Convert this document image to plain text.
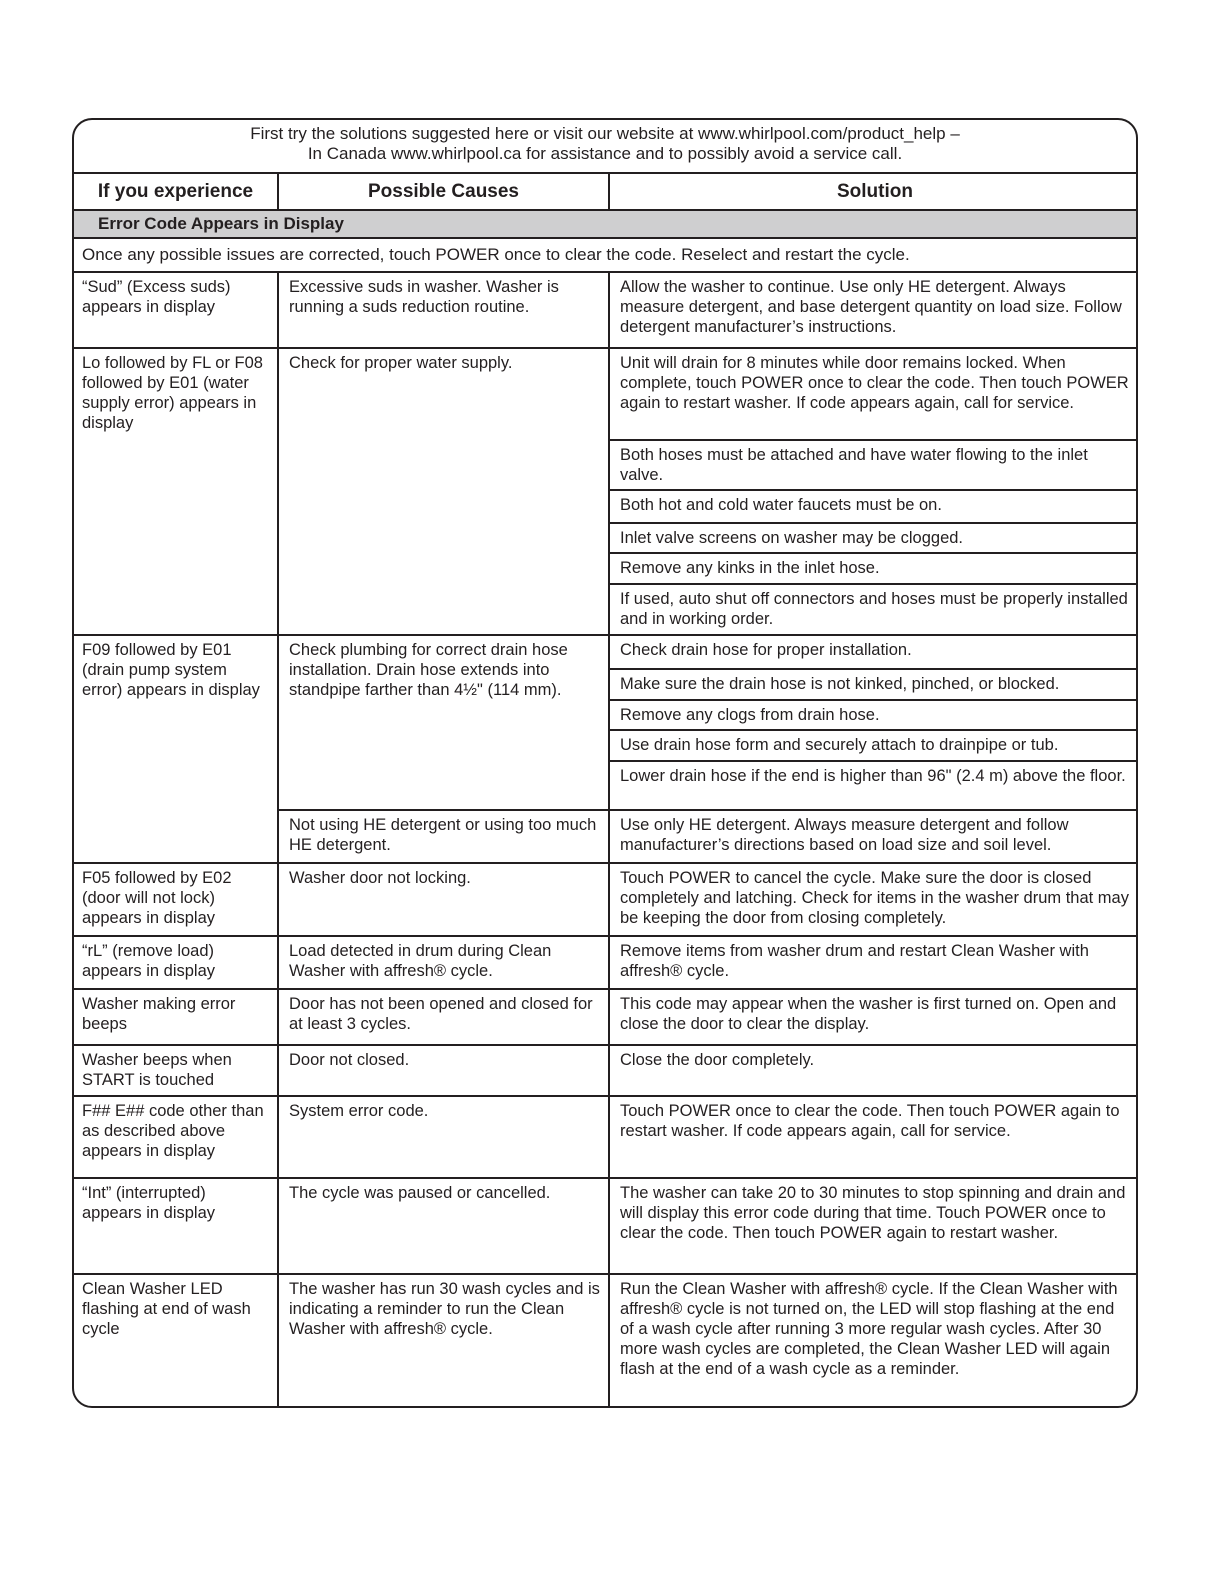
First try the solutions suggested here or visit our website at www.whirlpool.com/product_help –
In Canada www.whirlpool.ca for assistance and to possibly avoid a service call.
If you experience	Possible Causes	Solution
Error Code Appears in Display		
Once any possible issues are corrected, touch POWER once to clear the code. Reselect and restart the cycle.		
“Sud” (Excess suds) appears in display	Excessive suds in washer. Washer is running a suds reduction routine.	Allow the washer to continue. Use only HE detergent. Always measure detergent, and base detergent quantity on load size. Follow detergent manufacturer’s instructions.
Lo followed by FL or F08 followed by E01 (water supply error) appears in display	Check for proper water supply.	Unit will drain for 8 minutes while door remains locked. When complete, touch POWER once to clear the code. Then touch POWER again to restart washer. If code appears again, call for service.
		Both hoses must be attached and have water flowing to the inlet valve.
		Both hot and cold water faucets must be on.
		Inlet valve screens on washer may be clogged.
		Remove any kinks in the inlet hose.
		If used, auto shut off connectors and hoses must be properly installed and in working order.
F09 followed by E01 (drain pump system error) appears in display	Check plumbing for correct drain hose installation. Drain hose extends into standpipe farther than 4½" (114 mm).	Check drain hose for proper installation.
		Make sure the drain hose is not kinked, pinched, or blocked.
		Remove any clogs from drain hose.
		Use drain hose form and securely attach to drainpipe or tub.
		Lower drain hose if the end is higher than 96" (2.4 m) above the floor.
	Not using HE detergent or using too much HE detergent.	Use only HE detergent. Always measure detergent and follow manufacturer’s directions based on load size and soil level.
F05 followed by E02 (door will not lock) appears in display	Washer door not locking.	Touch POWER to cancel the cycle. Make sure the door is closed completely and latching. Check for items in the washer drum that may be keeping the door from closing completely.
“rL” (remove load) appears in display	Load detected in drum during Clean Washer with affresh® cycle.	Remove items from washer drum and restart Clean Washer with affresh® cycle.
Washer making error beeps	Door has not been opened and closed for at least 3 cycles.	This code may appear when the washer is first turned on. Open and close the door to clear the display.
Washer beeps when START is touched	Door not closed.	Close the door completely.
F## E## code other than as described above appears in display	System error code.	Touch POWER once to clear the code. Then touch POWER again to restart washer. If code appears again, call for service.
“Int” (interrupted) appears in display	The cycle was paused or cancelled.	The washer can take 20 to 30 minutes to stop spinning and drain and will display this error code during that time. Touch POWER once to clear the code. Then touch POWER again to restart washer.
Clean Washer LED flashing at end of wash cycle	The washer has run 30 wash cycles and is indicating a reminder to run the Clean Washer with affresh® cycle.	Run the Clean Washer with affresh® cycle. If the Clean Washer with affresh® cycle is not turned on, the LED will stop flashing at the end of a wash cycle after running 3 more regular wash cycles. After 30 more wash cycles are completed, the Clean Washer LED will again flash at the end of a wash cycle as a reminder.
